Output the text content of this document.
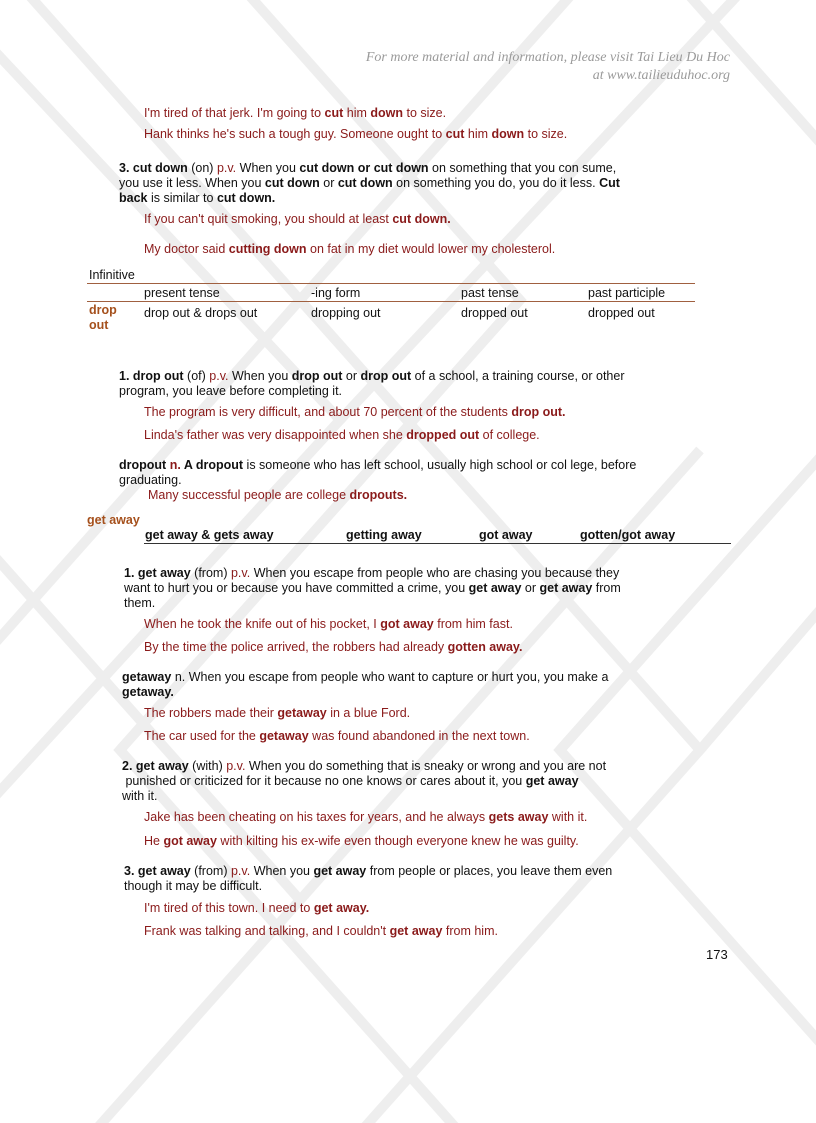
For more material and information, please visit Tai Lieu Du Hoc
at www.tailieuduhoc.org
I'm tired of that jerk. I'm going to cut him down to size.
Hank thinks he's such a tough guy. Someone ought to cut him down to size.
3. cut down (on) p.v. When you cut down or cut down on something that you con sume,
you use it less. When you cut down or cut down on something you do, you do it less. Cut
back is similar to cut down.
If you can't quit smoking, you should at least cut down.
My doctor said cutting down on fat in my diet would lower my cholesterol.
Infinitive
present tense	-ing form	past tense	past participle
drop
out
drop out & drops out	dropping out	dropped out	dropped out
1. drop out (of) p.v. When you drop out or drop out of a school, a training course, or other
program, you leave before completing it.
The program is very difficult, and about 70 percent of the students drop out.
Linda's father was very disappointed when she dropped out of college.
dropout n. A dropout is someone who has left school, usually high school or col lege, before
graduating.
Many successful people are college dropouts.
get away
get away & gets away	getting away	got away	gotten/got away
1. get away (from) p.v. When you escape from people who are chasing you because they
want to hurt you or because you have committed a crime, you get away or get away from
them.
When he took the knife out of his pocket, I got away from him fast.
By the time the police arrived, the robbers had already gotten away.
getaway n. When you escape from people who want to capture or hurt you, you make a
getaway.
The robbers made their getaway in a blue Ford.
The car used for the getaway was found abandoned in the next town.
2. get away (with) p.v. When you do something that is sneaky or wrong and you are not
punished or criticized for it because no one knows or cares about it, you get away
with it.
Jake has been cheating on his taxes for years, and he always gets away with it.
He got away with kilting his ex-wife even though everyone knew he was guilty.
3. get away (from) p.v. When you get away from people or places, you leave them even
though it may be difficult.
I'm tired of this town. I need to get away.
Frank was talking and talking, and I couldn't get away from him.
173
